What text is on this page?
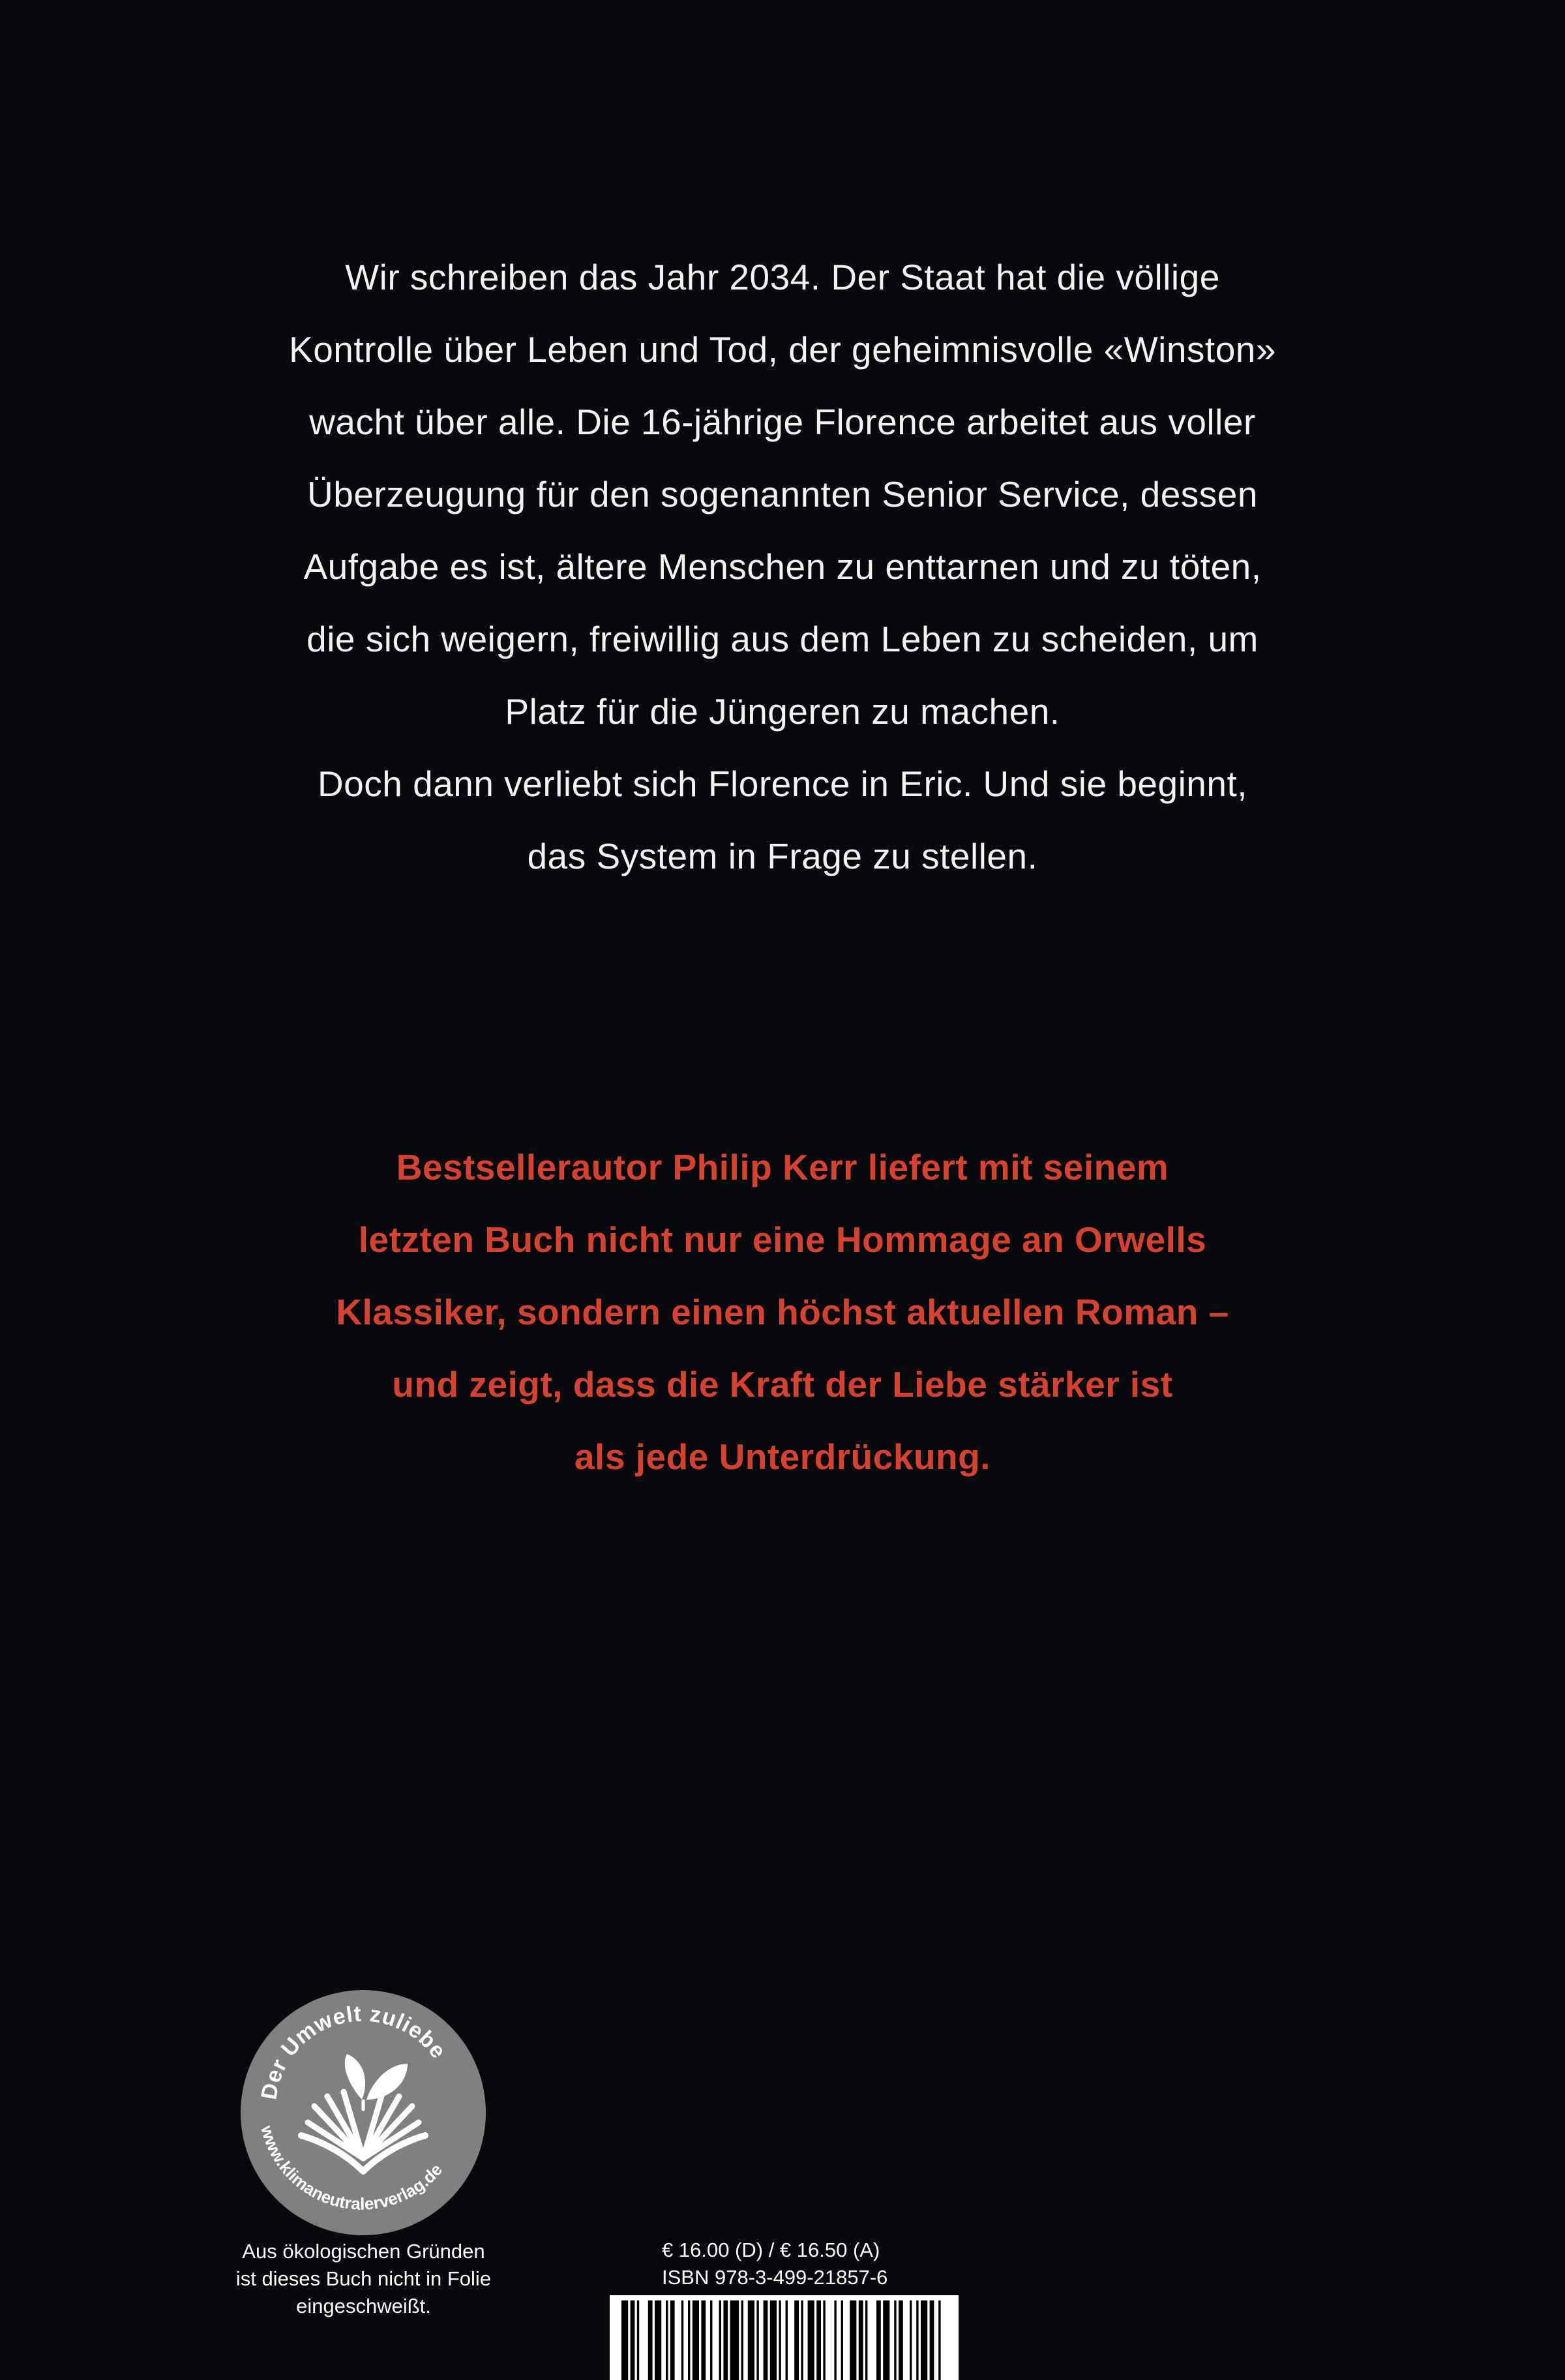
Wir schreiben das Jahr 2034. Der Staat hat die völlige
Kontrolle über Leben und Tod, der geheimnisvolle «Winston»
wacht über alle. Die 16-jährige Florence arbeitet aus voller
Überzeugung für den sogenannten Senior Service, dessen
Aufgabe es ist, ältere Menschen zu enttarnen und zu töten,
die sich weigern, freiwillig aus dem Leben zu scheiden, um
Platz für die Jüngeren zu machen.
Doch dann verliebt sich Florence in Eric. Und sie beginnt,
das System in Frage zu stellen.
Bestsellerautor Philip Kerr liefert mit seinem
letzten Buch nicht nur eine Hommage an Orwells
Klassiker, sondern einen höchst aktuellen Roman –
und zeigt, dass die Kraft der Liebe stärker ist
als jede Unterdrückung.
Der Umwelt zuliebe
www.klimaneutralerverlag.de
Aus ökologischen Gründen
ist dieses Buch nicht in Folie
eingeschweißt.
€ 16.00 (D) / € 16.50 (A)
ISBN 978-3-499-21857-6
